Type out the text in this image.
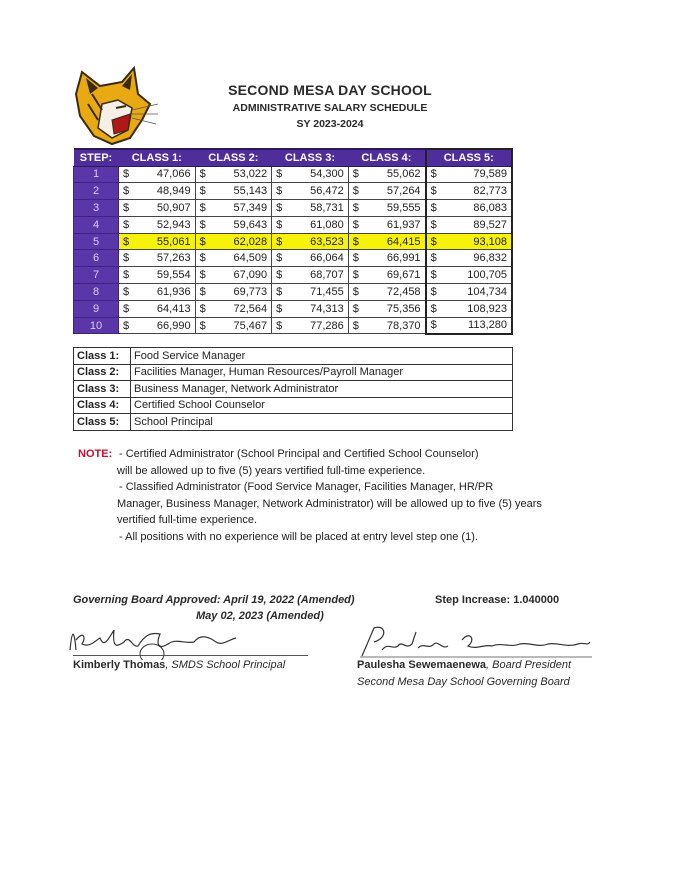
SECOND MESA DAY SCHOOL
ADMINISTRATIVE SALARY SCHEDULE
SY 2023-2024
STEP:	CLASS 1:		CLASS 2:		CLASS 3:		CLASS 4:		CLASS 5:	
1	$	47,066	$	53,022	$	54,300	$	55,062	$	79,589
2	$	48,949	$	55,143	$	56,472	$	57,264	$	82,773
3	$	50,907	$	57,349	$	58,731	$	59,555	$	86,083
4	$	52,943	$	59,643	$	61,080	$	61,937	$	89,527
5	$	55,061	$	62,028	$	63,523	$	64,415	$	93,108
6	$	57,263	$	64,509	$	66,064	$	66,991	$	96,832
7	$	59,554	$	67,090	$	68,707	$	69,671	$	100,705
8	$	61,936	$	69,773	$	71,455	$	72,458	$	104,734
9	$	64,413	$	72,564	$	74,313	$	75,356	$	108,923
10	$	66,990	$	75,467	$	77,286	$	78,370	$	113,280
Class 1:	Food Service Manager
Class 2:	Facilities Manager, Human Resources/Payroll Manager
Class 3:	Business Manager, Network Administrator
Class 4:	Certified School Counselor
Class 5:	School Principal
NOTE: - Certified Administrator (School Principal and Certified School Counselor)
will be allowed up to five (5) years vertified full-time experience.
- Classified Administrator (Food Service Manager, Facilities Manager, HR/PR
Manager, Business Manager, Network Administrator) will be allowed up to five (5) years
vertified full-time experience.
- All positions with no experience will be placed at entry level step one (1).
Governing Board Approved: April 19, 2022 (Amended)
May 02, 2023 (Amended)
Step Increase: 1.040000
Kimberly Thomas, SMDS School Principal	Paulesha Sewemaenewa, Board President
Second Mesa Day School Governing Board
